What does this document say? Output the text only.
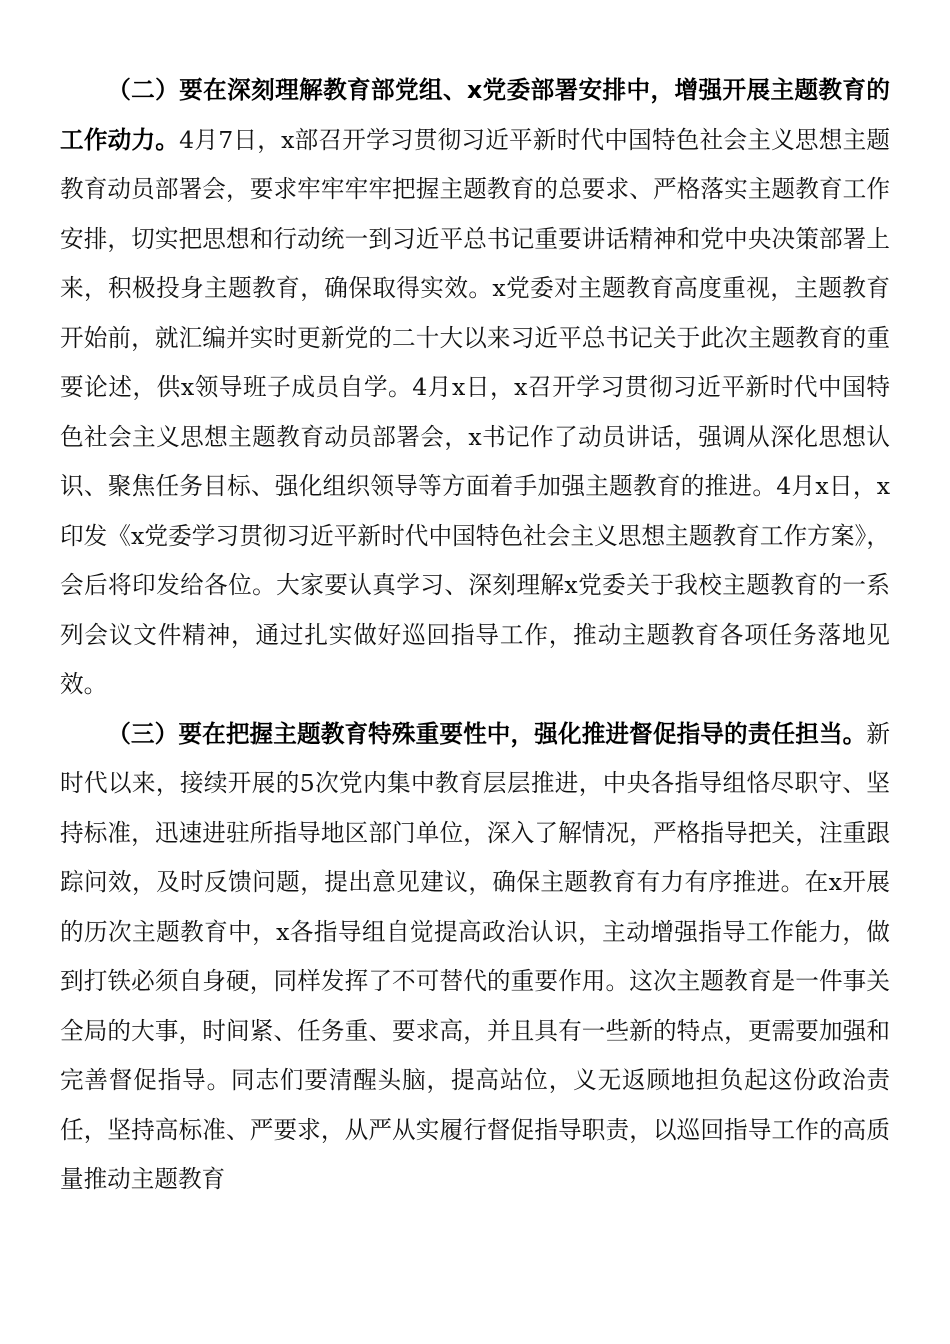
（二）要在深刻理解教育部党组、x党委部署安排中，增强开展主题教育的工作动力。4月7日，x部召开学习贯彻习近平新时代中国特色社会主义思想主题教育动员部署会，要求牢牢牢牢把握主题教育的总要求、严格落实主题教育工作安排，切实把思想和行动统一到习近平总书记重要讲话精神和党中央决策部署上来，积极投身主题教育，确保取得实效。x党委对主题教育高度重视，主题教育开始前，就汇编并实时更新党的二十大以来习近平总书记关于此次主题教育的重要论述，供x领导班子成员自学。4月x日，x召开学习贯彻习近平新时代中国特色社会主义思想主题教育动员部署会，x书记作了动员讲话，强调从深化思想认识、聚焦任务目标、强化组织领导等方面着手加强主题教育的推进。4月x日，x印发《x党委学习贯彻习近平新时代中国特色社会主义思想主题教育工作方案》，会后将印发给各位。大家要认真学习、深刻理解x党委关于我校主题教育的一系列会议文件精神，通过扎实做好巡回指导工作，推动主题教育各项任务落地见效。

（三）要在把握主题教育特殊重要性中，强化推进督促指导的责任担当。新时代以来，接续开展的5次党内集中教育层层推进，中央各指导组恪尽职守、坚持标准，迅速进驻所指导地区部门单位，深入了解情况，严格指导把关，注重跟踪问效，及时反馈问题，提出意见建议，确保主题教育有力有序推进。在x开展的历次主题教育中，x各指导组自觉提高政治认识，主动增强指导工作能力，做到打铁必须自身硬，同样发挥了不可替代的重要作用。这次主题教育是一件事关全局的大事，时间紧、任务重、要求高，并且具有一些新的特点，更需要加强和完善督促指导。同志们要清醒头脑，提高站位，义无返顾地担负起这份政治责任，坚持高标准、严要求，从严从实履行督促指导职责，以巡回指导工作的高质量推动主题教育
